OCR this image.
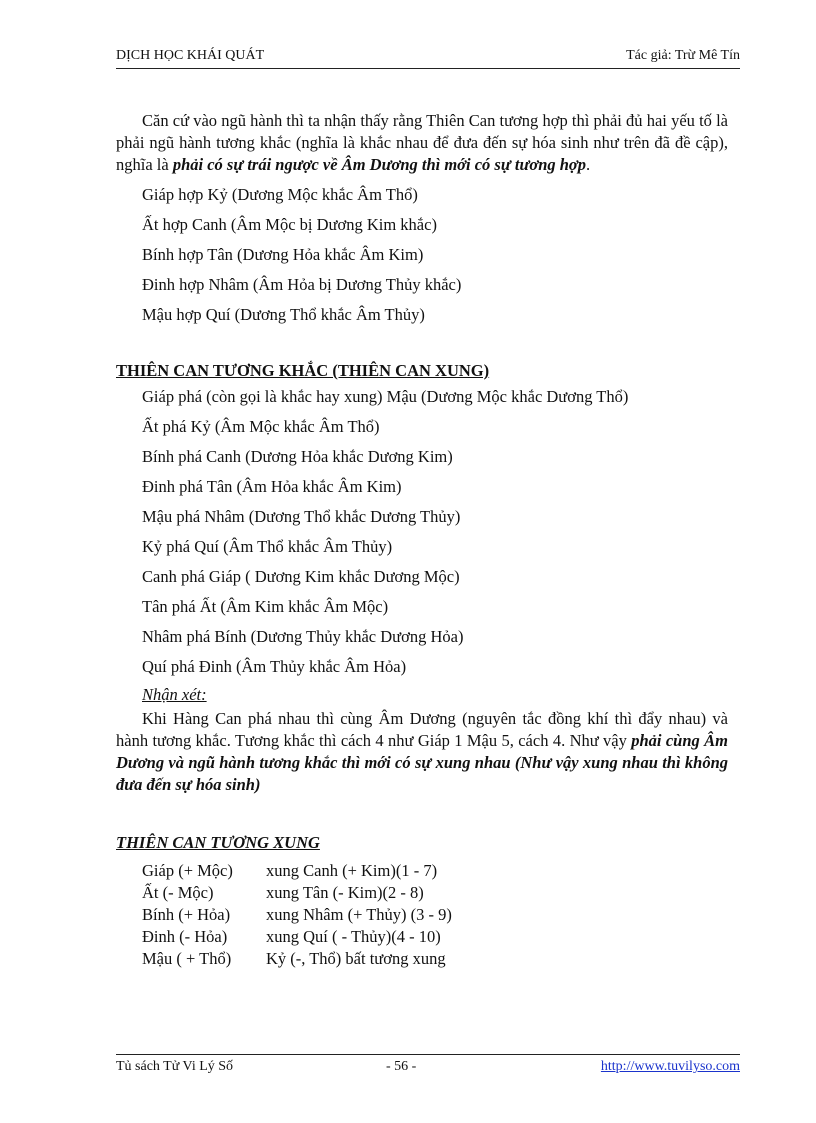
DỊCH HỌC KHÁI QUÁT	Tác giả: Trừ Mê Tín

Căn cứ vào ngũ hành thì ta nhận thấy rằng Thiên Can tương hợp thì phải đủ hai yếu tố là phải ngũ hành tương khắc (nghĩa là khắc nhau để đưa đến sự hóa sinh như trên đã đề cập), nghĩa là phải có sự trái ngược về Âm Dương thì mới có sự tương hợp.

Giáp hợp Kỷ (Dương Mộc khắc Âm Thổ)

Ất hợp Canh (Âm Mộc bị Dương Kim khắc)

Bính hợp Tân (Dương Hỏa khắc Âm Kim)

Đinh hợp Nhâm (Âm Hỏa bị Dương Thủy khắc)

Mậu hợp Quí (Dương Thổ khắc Âm Thủy)

THIÊN CAN TƯƠNG KHẮC (THIÊN CAN XUNG)

Giáp phá (còn gọi là khắc hay xung) Mậu (Dương Mộc khắc Dương Thổ)

Ất phá Kỷ (Âm Mộc khắc Âm Thổ)

Bính phá Canh (Dương Hỏa khắc Dương Kim)

Đinh phá Tân (Âm Hỏa khắc Âm Kim)

Mậu phá Nhâm (Dương Thổ khắc Dương Thủy)

Kỷ phá Quí (Âm Thổ khắc Âm Thủy)

Canh phá Giáp ( Dương Kim khắc Dương Mộc)

Tân phá Ất (Âm Kim khắc Âm Mộc)

Nhâm phá Bính (Dương Thủy khắc Dương Hỏa)

Quí phá Đinh (Âm Thủy khắc Âm Hỏa)

Nhận xét:

Khi Hàng Can phá nhau thì cùng Âm Dương (nguyên tắc đồng khí thì đẩy nhau) và hành tương khắc. Tương khắc thì cách 4 như Giáp 1 Mậu 5, cách 4. Như vậy phải cùng Âm Dương và ngũ hành tương khắc thì mới có sự xung nhau (Như vậy xung nhau thì không đưa đến sự hóa sinh)

THIÊN CAN TƯƠNG XUNG

Giáp (+ Mộc) xung Canh (+ Kim)(1 - 7)
Ất (- Mộc)	xung Tân (- Kim)(2 - 8)
Bính (+ Hỏa) xung Nhâm (+ Thủy) (3 - 9)
Đinh (- Hỏa) xung Quí ( - Thủy)(4 - 10)
Mậu ( + Thổ) Kỷ (-, Thổ) bất tương xung
Tủ sách Tử Vi Lý Số	- 56 -	http://www.tuvilyso.com
